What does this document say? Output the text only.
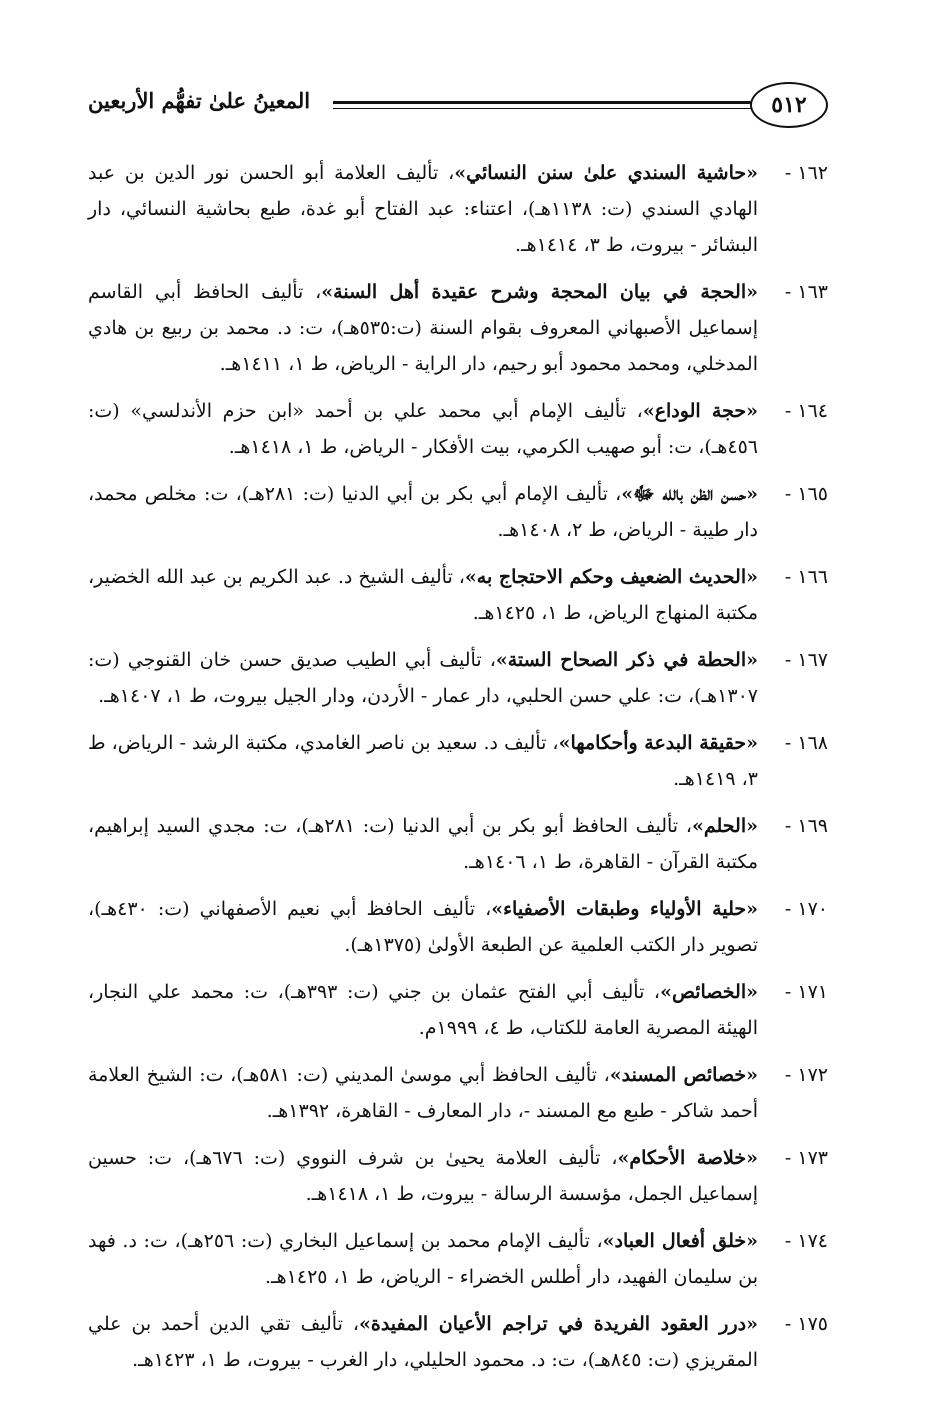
٥١٢
المعينُ علىٰ تفهُّم الأربعين
١٦٢ -
«حاشية السندي علىٰ سنن النسائي»، تأليف العلامة أبو الحسن نور الدين بن عبد الهادي السندي (ت: ١١٣٨هـ)، اعتناء: عبد الفتاح أبو غدة، طبع بحاشية النسائي، دار البشائر - بيروت، ط ٣، ١٤١٤هـ.
١٦٣ -
«الحجة في بيان المحجة وشرح عقيدة أهل السنة»، تأليف الحافظ أبي القاسم إسماعيل الأصبهاني المعروف بقوام السنة (ت:٥٣٥هـ)، ت: د. محمد بن ربيع بن هادي المدخلي، ومحمد محمود أبو رحيم، دار الراية - الرياض، ط ١، ١٤١١هـ.
١٦٤ -
«حجة الوداع»، تأليف الإمام أبي محمد علي بن أحمد «ابن حزم الأندلسي» (ت: ٤٥٦هـ)، ت: أبو صهيب الكرمي، بيت الأفكار - الرياض، ط ١، ١٤١٨هـ.
١٦٥ -
«حسن الظن بالله ﷻ»، تأليف الإمام أبي بكر بن أبي الدنيا (ت: ٢٨١هـ)، ت: مخلص محمد، دار طيبة - الرياض، ط ٢، ١٤٠٨هـ.
١٦٦ -
«الحديث الضعيف وحكم الاحتجاج به»، تأليف الشيخ د. عبد الكريم بن عبد الله الخضير، مكتبة المنهاج الرياض، ط ١، ١٤٢٥هـ.
١٦٧ -
«الحطة في ذكر الصحاح الستة»، تأليف أبي الطيب صديق حسن خان القنوجي (ت: ١٣٠٧هـ)، ت: علي حسن الحلبي، دار عمار - الأردن، ودار الجيل بيروت، ط ١، ١٤٠٧هـ.
١٦٨ -
«حقيقة البدعة وأحكامها»، تأليف د. سعيد بن ناصر الغامدي، مكتبة الرشد - الرياض، ط ٣، ١٤١٩هـ.
١٦٩ -
«الحلم»، تأليف الحافظ أبو بكر بن أبي الدنيا (ت: ٢٨١هـ)، ت: مجدي السيد إبراهيم، مكتبة القرآن - القاهرة، ط ١، ١٤٠٦هـ.
١٧٠ -
«حلية الأولياء وطبقات الأصفياء»، تأليف الحافظ أبي نعيم الأصفهاني (ت: ٤٣٠هـ)، تصوير دار الكتب العلمية عن الطبعة الأولىٰ (١٣٧٥هـ).
١٧١ -
«الخصائص»، تأليف أبي الفتح عثمان بن جني (ت: ٣٩٣هـ)، ت: محمد علي النجار، الهيئة المصرية العامة للكتاب، ط ٤، ١٩٩٩م.
١٧٢ -
«خصائص المسند»، تأليف الحافظ أبي موسىٰ المديني (ت: ٥٨١هـ)، ت: الشيخ العلامة أحمد شاكر - طبع مع المسند -، دار المعارف - القاهرة، ١٣٩٢هـ.
١٧٣ -
«خلاصة الأحكام»، تأليف العلامة يحيىٰ بن شرف النووي (ت: ٦٧٦هـ)، ت: حسين إسماعيل الجمل، مؤسسة الرسالة - بيروت، ط ١، ١٤١٨هـ.
١٧٤ -
«خلق أفعال العباد»، تأليف الإمام محمد بن إسماعيل البخاري (ت: ٢٥٦هـ)، ت: د. فهد بن سليمان الفهيد، دار أطلس الخضراء - الرياض، ط ١، ١٤٢٥هـ.
١٧٥ -
«درر العقود الفريدة في تراجم الأعيان المفيدة»، تأليف تقي الدين أحمد بن علي المقريزي (ت: ٨٤٥هـ)، ت: د. محمود الحليلي، دار الغرب - بيروت، ط ١، ١٤٢٣هـ.
